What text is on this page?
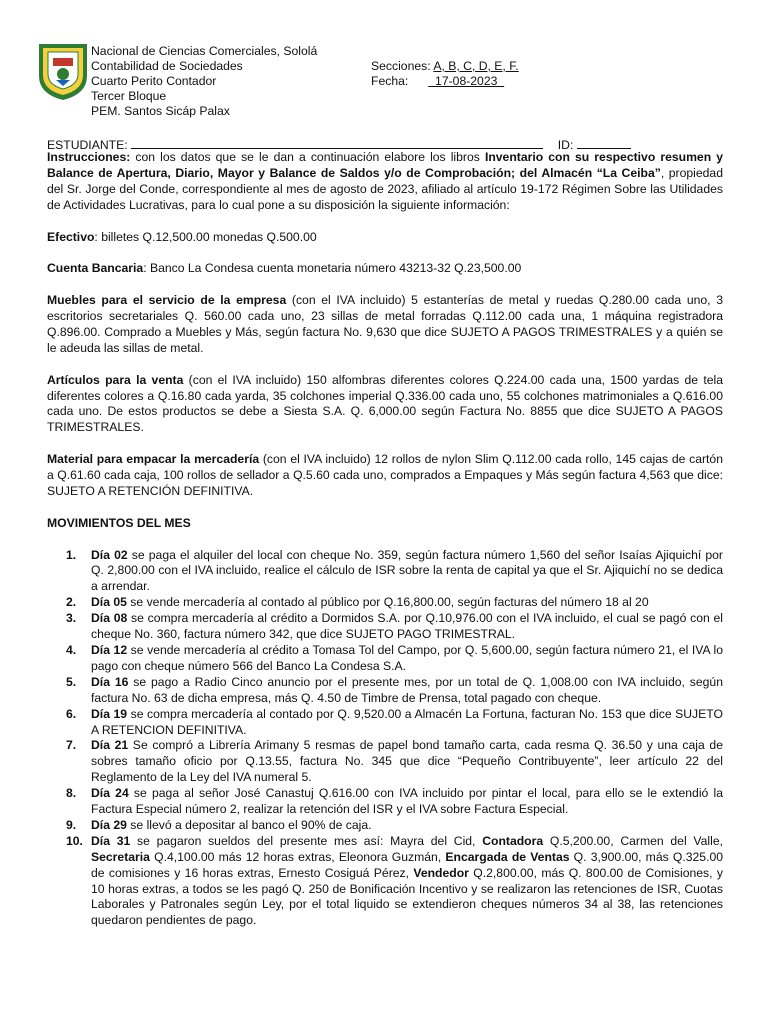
Nacional de Ciencias Comerciales, Sololá
Contabilidad de Sociedades
Cuarto Perito Contador
Tercer Bloque
PEM. Santos Sicáp Palax
Secciones: A, B, C, D, E, F.
Fecha: 17-08-2023
ESTUDIANTE:	ID:

Instrucciones: con los datos que se le dan a continuación elabore los libros Inventario con su respectivo resumen y Balance de Apertura, Diario, Mayor y Balance de Saldos y/o de Comprobación; del Almacén “La Ceiba”, propiedad del Sr. Jorge del Conde, correspondiente al mes de agosto de 2023, afiliado al artículo 19-172 Régimen Sobre las Utilidades de Actividades Lucrativas, para lo cual pone a su disposición la siguiente información:

Efectivo: billetes Q.12,500.00 monedas Q.500.00

Cuenta Bancaria: Banco La Condesa cuenta monetaria número 43213-32 Q.23,500.00

Muebles para el servicio de la empresa (con el IVA incluido) 5 estanterías de metal y ruedas Q.280.00 cada uno, 3 escritorios secretariales Q. 560.00 cada uno, 23 sillas de metal forradas Q.112.00 cada una, 1 máquina registradora Q.896.00. Comprado a Muebles y Más, según factura No. 9,630 que dice SUJETO A PAGOS TRIMESTRALES y a quién se le adeuda las sillas de metal.

Artículos para la venta (con el IVA incluido) 150 alfombras diferentes colores Q.224.00 cada una, 1500 yardas de tela diferentes colores a Q.16.80 cada yarda, 35 colchones imperial Q.336.00 cada uno, 55 colchones matrimoniales a Q.616.00 cada uno. De estos productos se debe a Siesta S.A. Q. 6,000.00 según Factura No. 8855 que dice SUJETO A PAGOS TRIMESTRALES.

Material para empacar la mercadería (con el IVA incluido) 12 rollos de nylon Slim Q.112.00 cada rollo, 145 cajas de cartón a Q.61.60 cada caja, 100 rollos de sellador a Q.5.60 cada uno, comprados a Empaques y Más según factura 4,563 que dice: SUJETO A RETENCIÓN DEFINITIVA.

MOVIMIENTOS DEL MES

1. Día 02 se paga el alquiler del local con cheque No. 359, según factura número 1,560 del señor Isaías Ajiquichí por Q. 2,800.00 con el IVA incluido, realice el cálculo de ISR sobre la renta de capital ya que el Sr. Ajiquichí no se dedica a arrendar.
2. Día 05 se vende mercadería al contado al público por Q.16,800.00, según facturas del número 18 al 20
3. Día 08 se compra mercadería al crédito a Dormidos S.A. por Q.10,976.00 con el IVA incluido, el cual se pagó con el cheque No. 360, factura número 342, que dice SUJETO PAGO TRIMESTRAL.
4. Día 12 se vende mercadería al crédito a Tomasa Tol del Campo, por Q. 5,600.00, según factura número 21, el IVA lo pago con cheque número 566 del Banco La Condesa S.A.
5. Día 16 se pago a Radio Cinco anuncio por el presente mes, por un total de Q. 1,008.00 con IVA incluido, según factura No. 63 de dicha empresa, más Q. 4.50 de Timbre de Prensa, total pagado con cheque.
6. Día 19 se compra mercadería al contado por Q. 9,520.00 a Almacén La Fortuna, facturan No. 153 que dice SUJETO A RETENCION DEFINITIVA.
7. Día 21 Se compró a Librería Arimany 5 resmas de papel bond tamaño carta, cada resma Q. 36.50 y una caja de sobres tamaño oficio por Q.13.55, factura No. 345 que dice “Pequeño Contribuyente”, leer artículo 22 del Reglamento de la Ley del IVA numeral 5.
8. Día 24 se paga al señor José Canastuj Q.616.00 con IVA incluido por pintar el local, para ello se le extendió la Factura Especial número 2, realizar la retención del ISR y el IVA sobre Factura Especial.
9. Día 29 se llevó a depositar al banco el 90% de caja.
10. Día 31 se pagaron sueldos del presente mes así: Mayra del Cid, Contadora Q.5,200.00, Carmen del Valle, Secretaria Q.4,100.00 más 12 horas extras, Eleonora Guzmán, Encargada de Ventas Q. 3,900.00, más Q.325.00 de comisiones y 16 horas extras, Ernesto Cosiguá Pérez, Vendedor Q.2,800.00, más Q. 800.00 de Comisiones, y 10 horas extras, a todos se les pagó Q. 250 de Bonificación Incentivo y se realizaron las retenciones de ISR, Cuotas Laborales y Patronales según Ley, por el total liquido se extendieron cheques números 34 al 38, las retenciones quedaron pendientes de pago.
